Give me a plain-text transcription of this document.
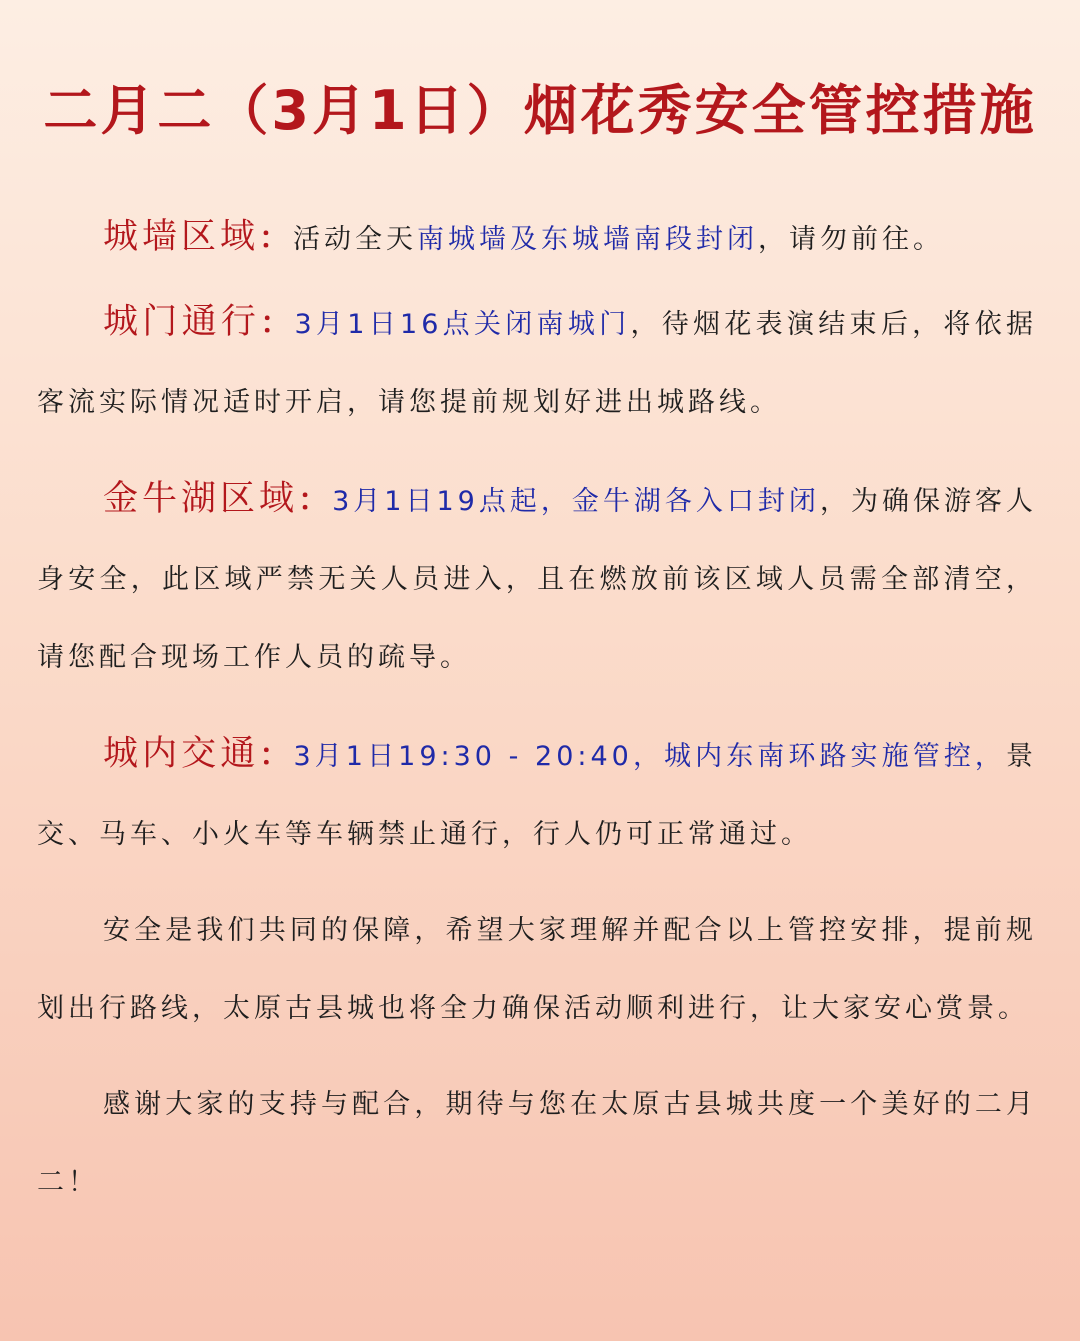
二月二（3月1日）烟花秀安全管控措施

城墙区域：活动全天南城墙及东城墙南段封闭，请勿前往。

城门通行：3月1日16点关闭南城门，待烟花表演结束后，将依据客流实际情况适时开启，请您提前规划好进出城路线。

金牛湖区域：3月1日19点起，金牛湖各入口封闭，为确保游客人身安全，此区域严禁无关人员进入，且在燃放前该区域人员需全部清空，请您配合现场工作人员的疏导。

城内交通：3月1日19:30 - 20:40，城内东南环路实施管控，景交、马车、小火车等车辆禁止通行，行人仍可正常通过。

安全是我们共同的保障，希望大家理解并配合以上管控安排，提前规划出行路线，太原古县城也将全力确保活动顺利进行，让大家安心赏景。

感谢大家的支持与配合，期待与您在太原古县城共度一个美好的二月二！
